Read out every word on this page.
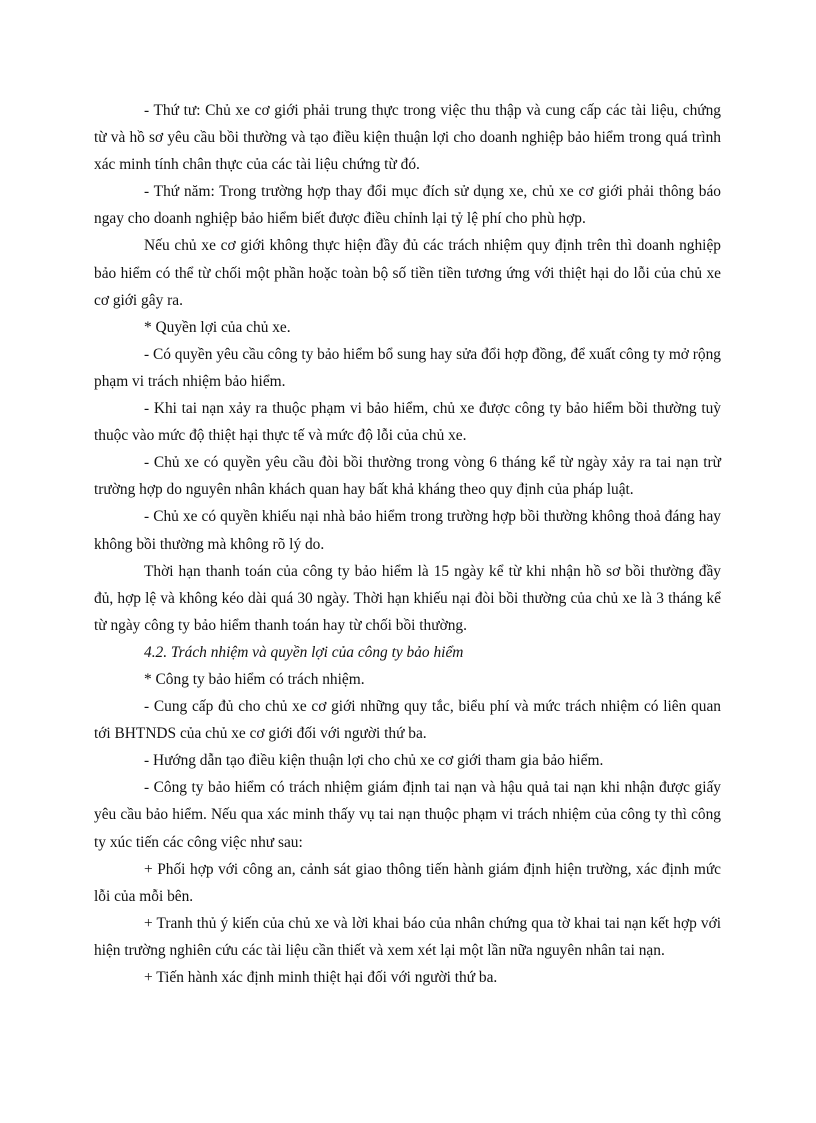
- Thứ tư: Chủ xe cơ giới phải trung thực trong việc thu thập và cung cấp các tài liệu, chứng từ và hồ sơ yêu cầu bồi thường và tạo điều kiện thuận lợi cho doanh nghiệp bảo hiểm trong quá trình xác minh tính chân thực của các tài liệu chứng từ đó.

- Thứ năm: Trong trường hợp thay đổi mục đích sử dụng xe, chủ xe cơ giới phải thông báo ngay cho doanh nghiệp bảo hiểm biết được điều chỉnh lại tỷ lệ phí cho phù hợp.

Nếu chủ xe cơ giới không thực hiện đầy đủ các trách nhiệm quy định trên thì doanh nghiệp bảo hiểm có thể từ chối một phần hoặc toàn bộ số tiền tiền tương ứng với thiệt hại do lỗi của chủ xe cơ giới gây ra.

* Quyền lợi của chủ xe.

- Có quyền yêu cầu công ty bảo hiểm bổ sung hay sửa đổi hợp đồng, để xuất công ty mở rộng phạm vi trách nhiệm bảo hiểm.

- Khi tai nạn xảy ra thuộc phạm vi bảo hiểm, chủ xe được công ty bảo hiểm bồi thường tuỳ thuộc vào mức độ thiệt hại thực tế và mức độ lỗi của chủ xe.

- Chủ xe có quyền yêu cầu đòi bồi thường trong vòng 6 tháng kể từ ngày xảy ra tai nạn trừ trường hợp do nguyên nhân khách quan hay bất khả kháng theo quy định của pháp luật.

- Chủ xe có quyền khiếu nại nhà bảo hiểm trong trường hợp bồi thường không thoả đáng hay không bồi thường mà không rõ lý do.

Thời hạn thanh toán của công ty bảo hiểm là 15 ngày kể từ khi nhận hồ sơ bồi thường đầy đủ, hợp lệ và không kéo dài quá 30 ngày. Thời hạn khiếu nại đòi bồi thường của chủ xe là 3 tháng kể từ ngày công ty bảo hiểm thanh toán hay từ chối bồi thường.

4.2. Trách nhiệm và quyền lợi của công ty bảo hiểm

* Công ty bảo hiểm có trách nhiệm.

- Cung cấp đủ cho chủ xe cơ giới những quy tắc, biểu phí và mức trách nhiệm có liên quan tới BHTNDS của chủ xe cơ giới đối với người thứ ba.

- Hướng dẫn tạo điều kiện thuận lợi cho chủ xe cơ giới tham gia bảo hiểm.

- Công ty bảo hiểm có trách nhiệm giám định tai nạn và hậu quả tai nạn khi nhận được giấy yêu cầu bảo hiểm. Nếu qua xác minh thấy vụ tai nạn thuộc phạm vi trách nhiệm của công ty thì công ty xúc tiến các công việc như sau:

+ Phối hợp với công an, cảnh sát giao thông tiến hành giám định hiện trường, xác định mức lỗi của mỗi bên.

+ Tranh thủ ý kiến của chủ xe và lời khai báo của nhân chứng qua tờ khai tai nạn kết hợp với hiện trường nghiên cứu các tài liệu cần thiết và xem xét lại một lần nữa nguyên nhân tai nạn.

+ Tiến hành xác định minh thiệt hại đối với người thứ ba.
